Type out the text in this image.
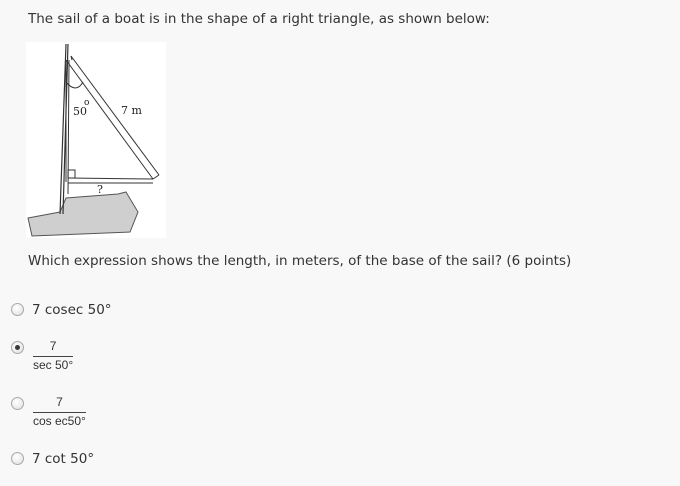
The sail of a boat is in the shape of a right triangle, as shown below:
50
o
7 m
?
Which expression shows the length, in meters, of the base of the sail? (6 points)
7 cosec 50°
7
sec 50°
$\frac{7}{\text{cos ec50°}}$
7 cot 50°
